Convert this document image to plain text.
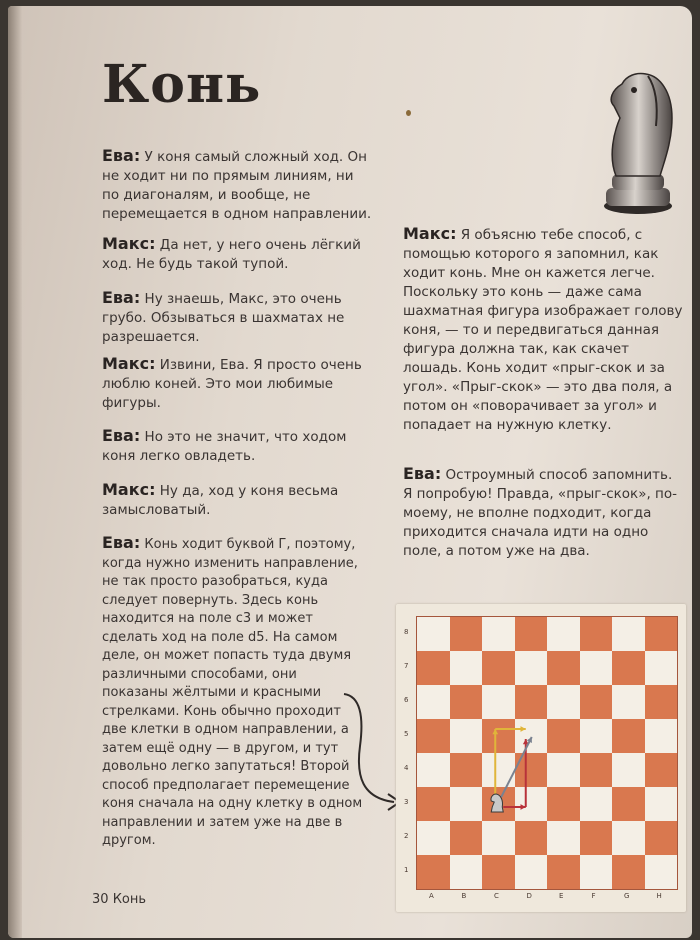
Конь
Ева: У коня самый сложный ход. Он не ходит ни по прямым линиям, ни по диагоналям, и вообще, не перемещается в одном направлении.
Макс: Да нет, у него очень лёгкий ход. Не будь такой тупой.
Ева: Ну знаешь, Макс, это очень грубо. Обзываться в шахматах не разрешается.
Макс: Извини, Ева. Я просто очень люблю коней. Это мои любимые фигуры.
Ева: Но это не значит, что ходом коня легко овладеть.
Макс: Ну да, ход у коня весьма замысловатый.
Ева: Конь ходит буквой Г, поэтому, когда нужно изменить направление, не так просто разобраться, куда следует повернуть. Здесь конь находится на поле c3 и может сделать ход на поле d5. На самом деле, он может попасть туда двумя различными способами, они показаны жёлтыми и красными стрелками. Конь обычно проходит две клетки в одном направлении, а затем ещё одну — в другом, и тут довольно легко запутаться! Второй способ предполагает перемещение коня сначала на одну клетку в одном направлении и затем уже на две в другом.
Макс: Я объясню тебе способ, с помощью которого я запомнил, как ходит конь. Мне он кажется легче. Поскольку это конь — даже сама шахматная фигура изображает голову коня, — то и передвигаться данная фигура должна так, как скачет лошадь. Конь ходит «прыг-скок и за угол». «Прыг-скок» — это два поля, а потом он «поворачивает за угол» и попадает на нужную клетку.
Ева: Остроумный способ запомнить. Я попробую! Правда, «прыг-скок», по-моему, не вполне подходит, когда приходится сначала идти на одно поле, а потом уже на два.
8
7
6
5
4
3
2
1
A	B	C	D	E	F	G	H
30 Конь
